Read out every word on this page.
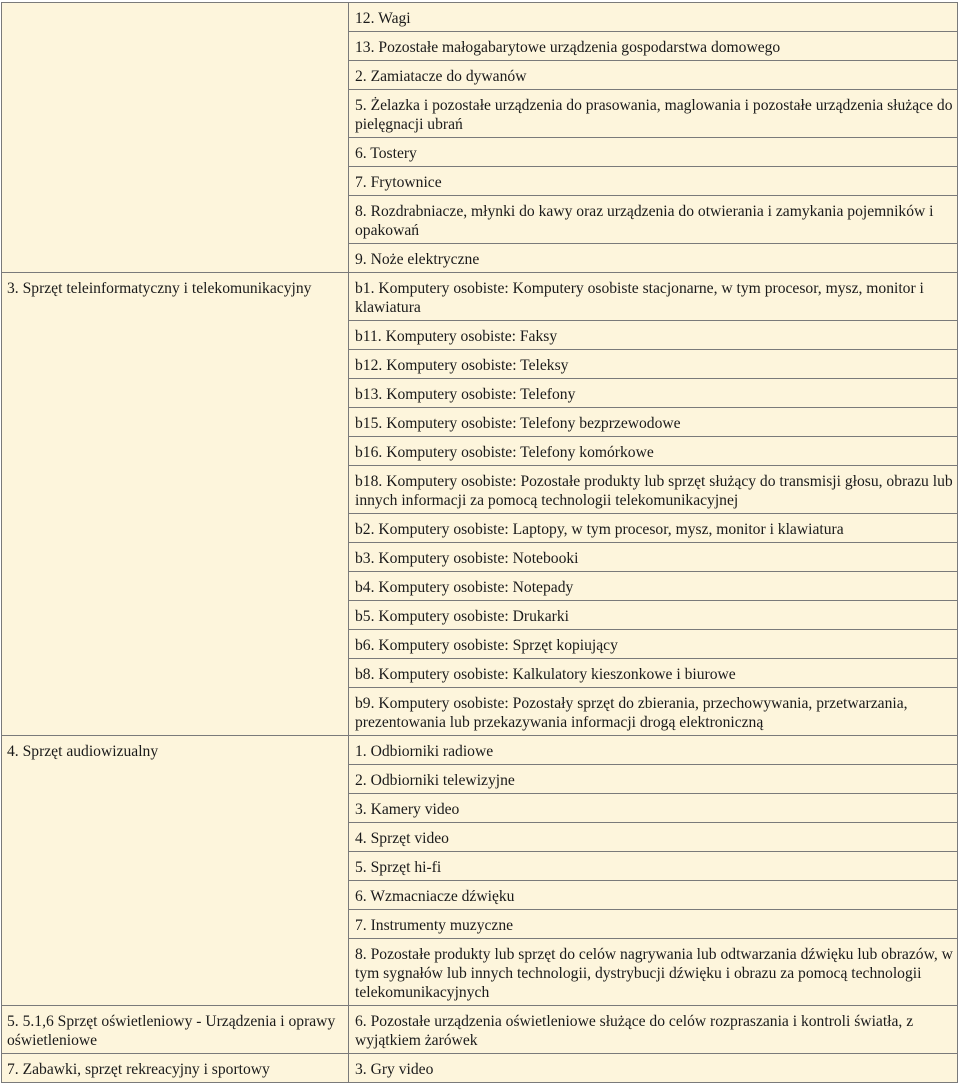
	12. Wagi

	13. Pozostałe małogabarytowe urządzenia gospodarstwa domowego

	2. Zamiatacze do dywanów

	5. Żelazka i pozostałe urządzenia do prasowania, maglowania i pozostałe urządzenia służące do pielęgnacji ubrań

	6. Tostery

	7. Frytownice

	8. Rozdrabniacze, młynki do kawy oraz urządzenia do otwierania i zamykania pojemników i opakowań

	9. Noże elektryczne

3. Sprzęt teleinformatyczny i telekomunikacyjny	b1. Komputery osobiste: Komputery osobiste stacjonarne, w tym procesor, mysz, monitor i klawiatura

	b11. Komputery osobiste: Faksy

	b12. Komputery osobiste: Teleksy

	b13. Komputery osobiste: Telefony

	b15. Komputery osobiste: Telefony bezprzewodowe

	b16. Komputery osobiste: Telefony komórkowe

	b18. Komputery osobiste: Pozostałe produkty lub sprzęt służący do transmisji głosu, obrazu lub innych informacji za pomocą technologii telekomunikacyjnej

	b2. Komputery osobiste: Laptopy, w tym procesor, mysz, monitor i klawiatura

	b3. Komputery osobiste: Notebooki

	b4. Komputery osobiste: Notepady

	b5. Komputery osobiste: Drukarki

	b6. Komputery osobiste: Sprzęt kopiujący

	b8. Komputery osobiste: Kalkulatory kieszonkowe i biurowe

	b9. Komputery osobiste: Pozostały sprzęt do zbierania, przechowywania, przetwarzania, prezentowania lub przekazywania informacji drogą elektroniczną

4. Sprzęt audiowizualny	1. Odbiorniki radiowe

	2. Odbiorniki telewizyjne

	3. Kamery video

	4. Sprzęt video

	5. Sprzęt hi-fi

	6. Wzmacniacze dźwięku

	7. Instrumenty muzyczne

	8. Pozostałe produkty lub sprzęt do celów nagrywania lub odtwarzania dźwięku lub obrazów, w tym sygnałów lub innych technologii, dystrybucji dźwięku i obrazu za pomocą technologii telekomunikacyjnych

5. 5.1,6 Sprzęt oświetleniowy - Urządzenia i oprawy oświetleniowe	6. Pozostałe urządzenia oświetleniowe służące do celów rozpraszania i kontroli światła, z wyjątkiem żarówek

7. Zabawki, sprzęt rekreacyjny i sportowy	3. Gry video
